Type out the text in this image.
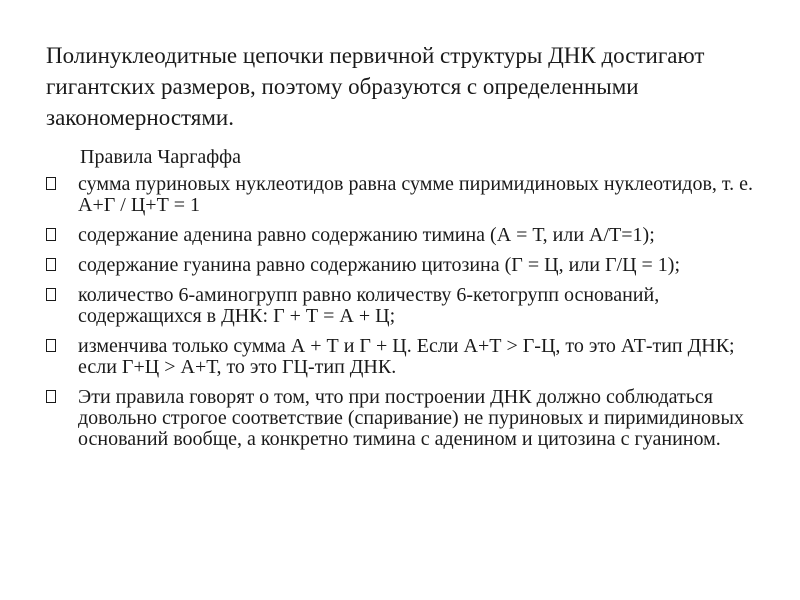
Полинуклеодитные цепочки первичной структуры ДНК достигают гигантских размеров, поэтому образуются с определенными закономерностями.

Правила Чаргаффа
сумма пуриновых нуклеотидов равна сумме пиримидиновых нуклеотидов, т. е. А+Г / Ц+Т = 1
содержание аденина равно содержанию тимина (А = Т, или А/Т=1);
содержание гуанина равно содержанию цитозина (Г = Ц, или Г/Ц = 1);
количество 6-аминогрупп равно количеству 6-кетогрупп оснований, содержащихся в ДНК: Г + Т = А + Ц;
изменчива только сумма А + Т и Г + Ц. Если А+Т > Г-Ц, то это АТ-тип ДНК; если Г+Ц > А+Т, то это ГЦ-тип ДНК.
Эти правила говорят о том, что при построении ДНК должно соблюдаться довольно строгое соответствие (спаривание) не пуриновых и пиримидиновых оснований вообще, а конкретно тимина с аденином и цитозина с гуанином.
